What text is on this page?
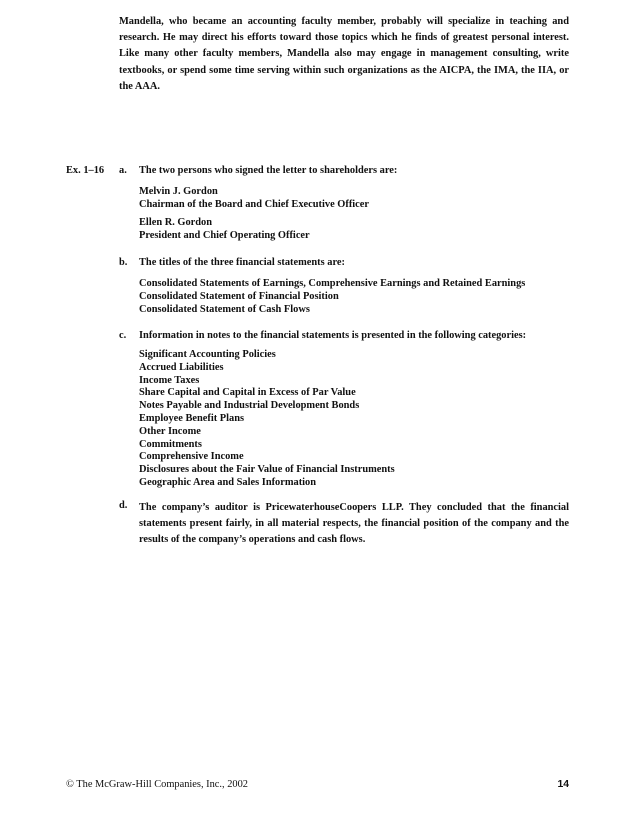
Mandella, who became an accounting faculty member, probably will specialize in teaching and research. He may direct his efforts toward those topics which he finds of greatest personal interest. Like many other faculty members, Mandella also may engage in management consulting, write textbooks, or spend some time serving within such organizations as the AICPA, the IMA, the IIA, or the AAA.
Ex. 1–16 a. The two persons who signed the letter to shareholders are:
Melvin J. Gordon
Chairman of the Board and Chief Executive Officer
Ellen R. Gordon
President and Chief Operating Officer
b. The titles of the three financial statements are:
Consolidated Statements of Earnings, Comprehensive Earnings and Retained Earnings
Consolidated Statement of Financial Position
Consolidated Statement of Cash Flows
c. Information in notes to the financial statements is presented in the following categories:
Significant Accounting Policies
Accrued Liabilities
Income Taxes
Share Capital and Capital in Excess of Par Value
Notes Payable and Industrial Development Bonds
Employee Benefit Plans
Other Income
Commitments
Comprehensive Income
Disclosures about the Fair Value of Financial Instruments
Geographic Area and Sales Information
d. The company’s auditor is PricewaterhouseCoopers LLP. They concluded that the financial statements present fairly, in all material respects, the financial position of the company and the results of the company’s operations and cash flows.
© The McGraw-Hill Companies, Inc., 2002	14
